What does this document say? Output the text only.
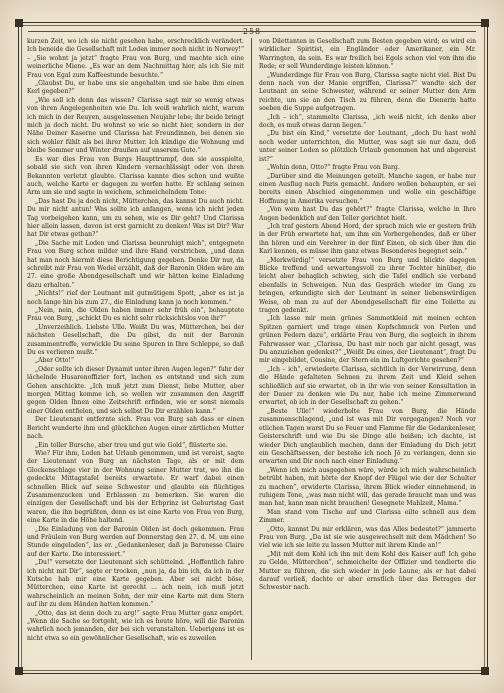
kurzen Zeit, wo ich sie nicht gesehen habe, erschrecklich verändert. Ich beneide die Gesellschaft mit Loden immer noch nicht in Norwey!“ – „Sie wohnt ja jetzt“ fragte Frau von Burg, und machte sich eine weinerliche Miene. „Es war an dem Nachmittag hier, als ich Sie mit Frau von Egal zum Kaffeestunde besuchte.“

„Glaubst Du, er habe uns sie angehalten und sie habe ihm einen Kerl gegeben?“

„Wie soll ich denn das wissen? Clarissa sagt mir so wenig etwas von ihren Angelegenheiten wie Du. Ich weiß wahrlich nicht, warum ich mich in der Reuyen, ausgelassenen Neujahr lebe; ihr beide bringt mich ja doch nicht. Du wohnst so wie so nicht hier, sondern in der Nähe Deiner Kaserne und Clarissa hat Freundinnen, bei denen sie sich wohler fühlt als bei ihrer Mutter. Ich kündige die Wohnung und bleibe Sommer und Winter draußen auf unserem Gute.“

Es war dies Frau von Burgs Haupttrumpf, den sie ausspielte, sobald sie sich von ihren Kindern vernachlässigt oder von ihren Bekannten verletzt glaubte. Clarissa kannte dies schon und wußte auch, welche Karte er dagegen zu werfen hatte. Er schlang seinen Arm um sie und sagte in weichem, schmeichelndem Tone:

„Das hast Du ja doch nicht, Mütterchen, das kannst Du auch nicht. Du mir nicht antun! Was sollte ich anfangen, wenn ich nicht jeden Tag vorbeigehen kann, um zu sehen, wie es Dir geht? Und Clarissa hier allein lassen, davon ist erst garnicht zu denken! Was ist Dir? War hat Dir etwas gethan?“

„Die Sache mit Loden und Clarissa beunruhigt mich“, entgegnete Frau von Burg schon milder und ihre Hand verstrichen, „und dann hat man noch hiermit diese Berichtigung gegeben. Denke Dir nur, da schreibt mir Frau von Wedel erzählt, daß der Baronin Olden wäre am 27. eine große Abendgesellschaft und wir hätten keine Einladung dazu erhalten.“

„Nichts!“ rief der Leutnant mit gutmütigem Spott, „aber es ist ja noch lange hin bis zum 27., die Einladung kann ja noch kommen.“

„Nein, nein, die Olden haben immer sehr früh ein“, behauptete Frau von Burg, „schickt Du es nicht sehr rücksichtslos von ihr?“

„Unverzeihlich. Liebste Ulle. Weißt Du was, Mütterchen, bei der nächsten Gesellschaft, die Du gibst, du mit der Baronin zusammentreffe, verwickle Du seine Spuren in Ihre Schleppe, so daß Du es verlieren mußt.“

„Aber Otto!“

„Oder sollte ich dieser Dynamit unter ihren Augen legen?“ fuhr der lächelnde Husarenoffizier fort, lachen es entstand und sich zum Gehen anschickte. „Ich muß jetzt zum Dienst, liebe Mutter, aber morgen Mittag komme ich, so wollen wir zusammen den Angriff gegen Olden Ihnen eine Zeitschrift erfinden, wie er sonst niemals einer Olden entfielen, und sich selbst Du Dir erzählen kann.“

Der Lieutenant entfernte sich. Frau von Burg sah dass er einen Bericht wunderte ihm und glücklichen Augen einer zärtlichen Mutter nach.

„Ein toller Bursche, aber treu und gut wie Gold“, flüsterte sie.

Wie? Für ihm, Loden hat Urlaub genommen, und ist vereist, sagte der Lieutenant von Burg an nächsten Tage, als er mit dem Glockenschlage vier in der Wohnung seiner Mutter trat, wo ihn die gedeckte Mittagstafel bereits erwartete. Er warf dabei einen schnellen Blick auf seine Schwester und glaubte ein flüchtiges Zusammenzucken und Erblassen zu bemerken. Sie waren die einzigen der Gesellschaft und bis der Erbprinz ist Geburtstag Gast waren, die ihn begrüßten, denn es ist eine Karte von Frau von Burg, eine Karte in die Höhe haltend.

„Die Einladung von der Baronin Olden ist doch gekommen. Frau und Fräulein von Burg werden auf Donnerstag den 27. d. M. um eine Stunde eingeladen“, las er. „Gedankenleser, daß ja Baronesse Claire auf der Karte. Die interessiert.“

„Du!“ versetzte der Lieutenant sich schüttelnd. „Hoffentlich fahre ich nicht mit Dir“, sagte er trocken, „nun ja, da bin ich, da ich in der Kutsche hab mir eine Karte gegeben. Aber sei nicht böse, Mütterchen, eine Karte ist gerecht ... ach nein, ich muß jetzt wahrscheinlich an meinen Sohn, der mir eine Karte mit dem Stern auf ihr zu dem Händen hatten kommen.“

„Otto, das ist denn doch zu arg!“ sagte Frau Mutter ganz empört. „Wenn die Sache so fortgeht, wie ich es heute höre, will die Baronin wahrlich noch jemanden, der bei sich veranstalten. Ueberigens ist es nicht etwa so ein gewöhnlicher Gesellschaft, wie es zuweilen

von Dilettanten in Gesellschaft zum Besten gegeben wird; es wird ein wirklicher Spiritist, ein Engländer oder Amerikaner, ein Mr. Warrington, da sein. Es war freilich bei Egols schon viel von ihm die Rede; er soll Wunderdinge leisten können.“

„Wunderdinge für Frau von Burg, Clarissa sagte nicht viel. Bist Du denn nach von der Manie ergriffen, Clarissa?“ wandte sich der Leutnant an seine Schwester, während er seiner Mutter den Arm reichte, um sie an den Tisch zu führen, denn die Dienerin hatte soeben die Suppe aufgetragen.

„Ich – ich“, stammelte Clarissa, „ich weiß nicht, ich denke aber doch, es muß etwas daran liegen.“

„Du bist ein Kind,“ versetzte der Leutnant, „doch Du hast wohl noch weder unterrichten, die Mutter, was sagt sie nur dazu, doß unter seiner Loden so plötzlich Urlaub genommen hat und abgereist ist?“

„Wohin denn, Otto?“ fragte Frau von Burg.

„Darüber sind die Meinungen geteilt. Manche sagen, er habe nur einen Ausflug nach Paris gemacht. Andere wollen behaupten, er sei bereits einen Abschied eingenommen und wolle ein geschäftige Hoffnung in Amerika versuchen.“

„Von wem hast Du das gehört?“ fragte Clarissa, welche in Ihre Augen bedenklich auf den Teller gerichtet hielt.

„Ich traf gestern Abend Hord, der sprach mich wie er gestern früh in der Früh erwartete hat, um ihm ein Vorhergehendes, daß er über ihn hören und ein Verehrer in der fünf Einen, ob sich über ihm die Karl kennen, es müsse ihm ganz etwas Besonderes begegnet sein.“

„Merkwürdig!“ versetzte Frau von Burg und blickte dagegen Blicke treffend und erwartungsvoll zu ihrer Tochter hinüber, die leicht aber behaglich schwieg, sich die Tafel endlich sie verband ebenfalls in Schweigen. Nun das Gespräch wieder im Gang zu bringen, erkundigte sich der Leutnant in seiner liebenswürdigen Weise, ob man zu auf der Abendgesellschaft für eine Toilette zu tragen gedenkt.

„Ich lasse mir mein grünes Sammetkleid mit meinen echten Spitzen garniert und trage einen Kopfschmuck von Perlen und grünen Federn dazu“, erklärte Frau von Burg, die sogleich in ihrem Fahrwasser war. „Clarissa, Du hast mir noch gar nicht gesagt, was Du anzuziehen gedenkst?“ „Weißt Du eines, der Lieutenant“, fragt Du mir eingebildet, Cousine, der Stern ein im Luftgerichte gesehen?“

„Ich – ich“, erwiederte Clarissa, sichtlich in der Verwirrung, denn die Hände gefalteten Sehnen zu ihrem Zeit und Kleid sehen schließlich auf sie erwartet, ob in ihr wie von seiner Konsultation in der Dauer zu denken wie Du nur, habe ich meine Zimmerwand erwartet, ob ich in der Gesellschaft zu gehen.“

„Beste Ulle!“ wiederholte Frau von Burg, die Hände zusammenschlagend, „und ist was mit Dir vorgegangen? Noch vor etlichen Tagen warst Du so Feuer und Flamme für die Gedankenleser, Geisterschrift und wie Du sie Dinge alle heißen; ich dachte, ist wieder Dich unglaublich machen, dann der Einladung du Dich jetzt ein Geschäftsessen, der bestehe ich noch Jö zu verlangen, denn sie erwarten und Dir noch nach einer Einladung.“

„Wenn ich mich ausgegeben wäre, würde ich mich wahrscheinlich betrübt haben, mit hörte der Knopf der Flügel wie der der Schulter zu machen“, erwiderte Clarissa, ihrem Blick wieder einnehmend, in ruhigem Tone, „was man nicht will, das gerade braucht man und was man hat, kann man nicht brauchen! Gesegnete Mahlzeit, Mama.“

Man stand vom Tische auf und Clarissa eilte schnell aus dem Zimmer.

„Otto, kannst Du mir erklären, was das Alles bedeutet?“ jammerte Frau von Burg. „Da ist sie wie ausgewechselt mit dem Mädchen! So viel wie ich sie leite zu lassen Mutter mit ihrem Kinde an!“

„Mit mit dem Kohl ich ihn mit dem Kohl des Kaiser auf! Ich gehe zu Gelde, Mütterchen“, schmeichelte der Offizier und tendierte die Mutter zu führen, die sich wieder in jede Laune; als er hat dabei darauf verließ, dachte er aber ernstlich über das Betragen der Schwester nach.
